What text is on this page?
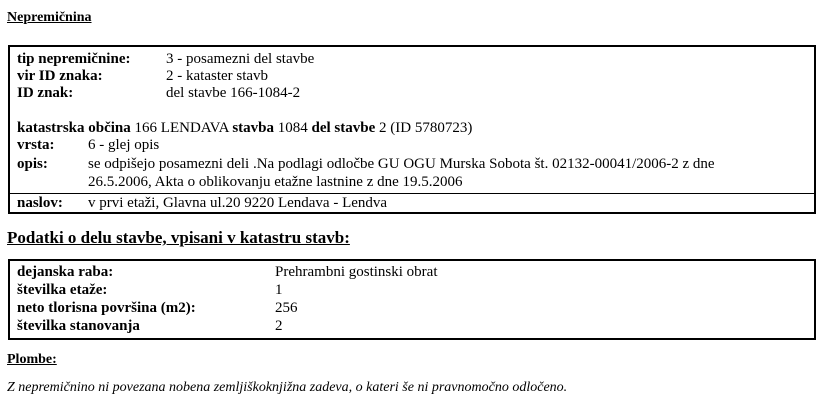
Nepremičnina
tip nepremičnine: 3 - posamezni del stavbe
vir ID znaka:	2 - kataster stavb
ID znak:	del stavbe 166-1084-2
katastrska občina 166 LENDAVA stavba 1084 del stavbe 2 (ID 5780723)
vrsta: 6 - glej opis
opis:	se odpišejo posamezni deli .Na podlagi odločbe GU OGU Murska Sobota št. 02132-00041/2006-2 z dne
26.5.2006, Akta o oblikovanju etažne lastnine z dne 19.5.2006
naslov: v prvi etaži, Glavna ul.20 9220 Lendava - Lendva
Podatki o delu stavbe, vpisani v katastru stavb:
dejanska raba:	Prehrambni gostinski obrat
številka etaže:	1
neto tlorisna površina (m2):	256
številka stanovanja	2
Plombe:
Z nepremičnino ni povezana nobena zemljiškoknjižna zadeva, o kateri še ni pravnomočno odločeno.
